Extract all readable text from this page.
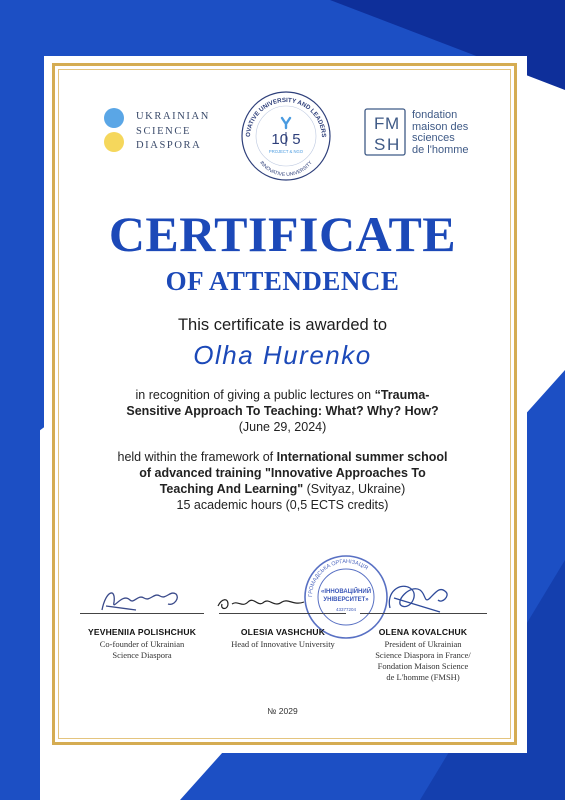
UKRAINIAN
SCIENCE
DIASPORA
OVATIVE UNIVERSITY AND LEADERS
INNOVATIVE UNIVERSITY
10 5
PROJECT & NGO
F M
S H
fondation
maison des
sciences
de l'homme
CERTIFICATE
OF ATTENDENCE
This certificate is awarded to
Olha Hurenko
in recognition of giving a public lectures on “Trauma-
Sensitive Approach To Teaching: What? Why? How?
(June 29, 2024)
held within the framework of International summer school
of advanced training "Innovative Approaches To
Teaching And Learning" (Svityaz, Ukraine)
15 academic hours (0,5 ECTS credits)
ГРОМАДСЬКА ОРГАНІЗАЦІЯ
«ІННОВАЦІЙНИЙ
УНІВЕРСИТЕТ»
43377204
YEVHENIIA POLISHCHUK
Co-founder of Ukrainian
Science Diaspora
OLESIA VASHCHUK
Head of Innovative University
OLENA KOVALCHUK
President of Ukrainian
Science Diaspora in France/
Fondation Maison Science
de L'homme (FMSH)
№ 2029
